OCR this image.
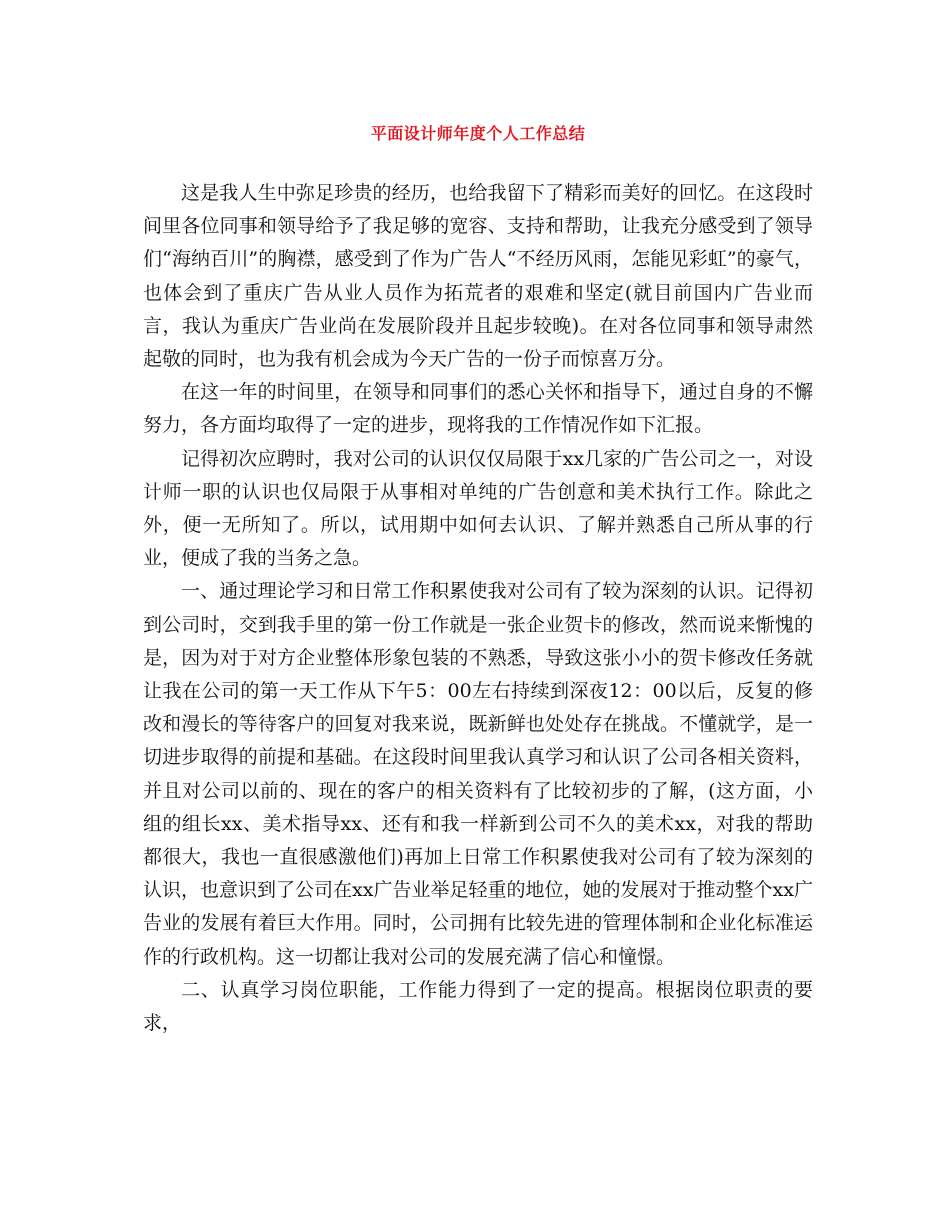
平面设计师年度个人工作总结

这是我人生中弥足珍贵的经历，也给我留下了精彩而美好的回忆。在这段时间里各位同事和领导给予了我足够的宽容、支持和帮助，让我充分感受到了领导们“海纳百川”的胸襟，感受到了作为广告人“不经历风雨，怎能见彩虹”的豪气，也体会到了重庆广告从业人员作为拓荒者的艰难和坚定(就目前国内广告业而言，我认为重庆广告业尚在发展阶段并且起步较晚)。在对各位同事和领导肃然起敬的同时，也为我有机会成为今天广告的一份子而惊喜万分。

在这一年的时间里，在领导和同事们的悉心关怀和指导下，通过自身的不懈努力，各方面均取得了一定的进步，现将我的工作情况作如下汇报。

记得初次应聘时，我对公司的认识仅仅局限于xx几家的广告公司之一，对设计师一职的认识也仅局限于从事相对单纯的广告创意和美术执行工作。除此之外，便一无所知了。所以，试用期中如何去认识、了解并熟悉自己所从事的行业，便成了我的当务之急。

一、通过理论学习和日常工作积累使我对公司有了较为深刻的认识。记得初到公司时，交到我手里的第一份工作就是一张企业贺卡的修改，然而说来惭愧的是，因为对于对方企业整体形象包装的不熟悉，导致这张小小的贺卡修改任务就让我在公司的第一天工作从下午5：00左右持续到深夜12：00以后，反复的修改和漫长的等待客户的回复对我来说，既新鲜也处处存在挑战。不懂就学，是一切进步取得的前提和基础。在这段时间里我认真学习和认识了公司各相关资料，并且对公司以前的、现在的客户的相关资料有了比较初步的了解，(这方面，小组的组长xx、美术指导xx、还有和我一样新到公司不久的美术xx，对我的帮助都很大，我也一直很感激他们)再加上日常工作积累使我对公司有了较为深刻的认识，也意识到了公司在xx广告业举足轻重的地位，她的发展对于推动整个xx广告业的发展有着巨大作用。同时，公司拥有比较先进的管理体制和企业化标准运作的行政机构。这一切都让我对公司的发展充满了信心和憧憬。

二、认真学习岗位职能，工作能力得到了一定的提高。根据岗位职责的要求，
